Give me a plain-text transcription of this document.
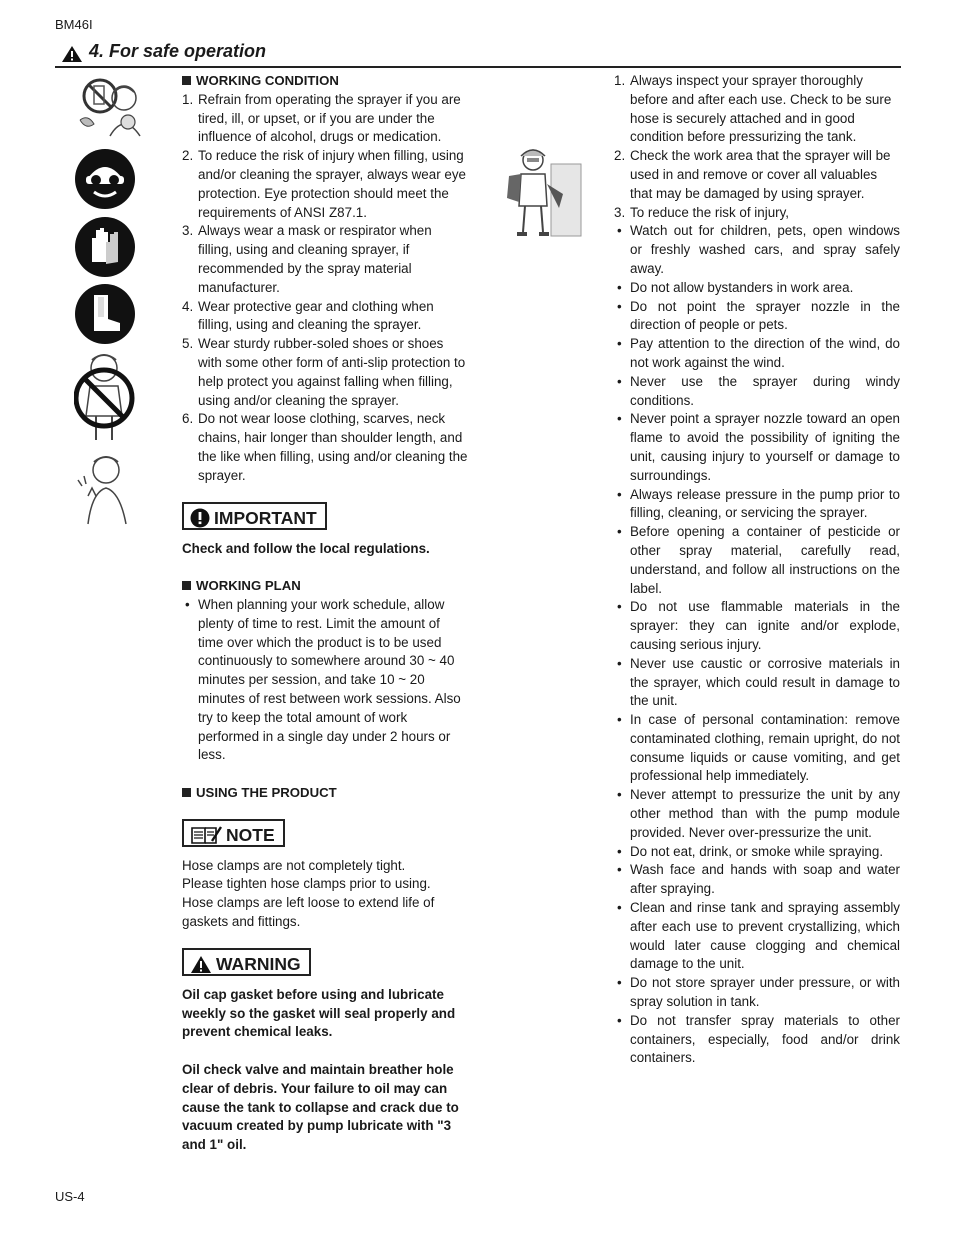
BM46I
4. For safe operation

WORKING CONDITION

1. Refrain from operating the sprayer if you are tired, ill, or upset, or if you are under the influence of alcohol, drugs or medication.
2. To reduce the risk of injury when filling, using and/or cleaning the sprayer, always wear eye protection. Eye protection should meet the requirements of ANSI Z87.1.
3. Always wear a mask or respirator when filling, using and cleaning sprayer, if recommended by the spray material manufacturer.
4. Wear protective gear and clothing when filling, using and cleaning the sprayer.
5. Wear sturdy rubber-soled shoes or shoes with some other form of anti-slip protection to help protect you against falling when filling, using and/or cleaning the sprayer.
6. Do not wear loose clothing, scarves, neck chains, hair longer than shoulder length, and the like when filling, using and/or cleaning the sprayer.
IMPORTANT
Check and follow the local regulations.

WORKING PLAN

• When planning your work schedule, allow plenty of time to rest. Limit the amount of time over which the product is to be used continuously to somewhere around 30 ~ 40 minutes per session, and take 10 ~ 20 minutes of rest between work sessions. Also try to keep the total amount of work performed in a single day under 2 hours or less.

USING THE PRODUCT

NOTE
Hose clamps are not completely tight.
Please tighten hose clamps prior to using.
Hose clamps are left loose to extend life of gaskets and fittings.
WARNING
Oil cap gasket before using and lubricate weekly so the gasket will seal properly and prevent chemical leaks.
Oil check valve and maintain breather hole clear of debris. Your failure to oil may can cause the tank to collapse and crack due to vacuum created by pump lubricate with "3 and 1" oil.
1. Always inspect your sprayer thoroughly before and after each use. Check to be sure hose is securely attached and in good condition before pressurizing the tank.
2. Check the work area that the sprayer will be used in and remove or cover all valuables that may be damaged by using sprayer.
3. To reduce the risk of injury,
• Watch out for children, pets, open windows or freshly washed cars, and spray safely away.
• Do not allow bystanders in work area.
• Do not point the sprayer nozzle in the direction of people or pets.
• Pay attention to the direction of the wind, do not work against the wind.
• Never use the sprayer during windy conditions.
• Never point a sprayer nozzle toward an open flame to avoid the possibility of igniting the unit, causing injury to yourself or damage to surroundings.
• Always release pressure in the pump prior to filling, cleaning, or servicing the sprayer.
• Before opening a container of pesticide or other spray material, carefully read, understand, and follow all instructions on the label.
• Do not use flammable materials in the sprayer: they can ignite and/or explode, causing serious injury.
• Never use caustic or corrosive materials in the sprayer, which could result in damage to the unit.
• In case of personal contamination: remove contaminated clothing, remain upright, do not consume liquids or cause vomiting, and get professional help immediately.
• Never attempt to pressurize the unit by any other method than with the pump module provided. Never over-pressurize the unit.
• Do not eat, drink, or smoke while spraying.
• Wash face and hands with soap and water after spraying.
• Clean and rinse tank and spraying assembly after each use to prevent crystallizing, which would later cause clogging and chemical damage to the unit.
• Do not store sprayer under pressure, or with spray solution in tank.
• Do not transfer spray materials to other containers, especially, food and/or drink containers.
US-4
